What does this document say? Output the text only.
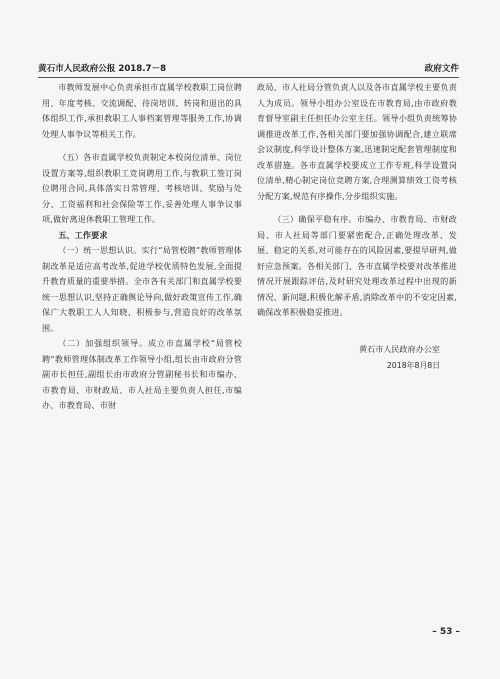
黄石市人民政府公报 2018.7－8	政府文件

市教师发展中心负责承担市直属学校教职工岗位聘用、年度考核、交流调配、待岗培训、转岗和退出的具体组织工作,承担教职工人事档案管理等服务工作,协调处理人事争议等相关工作。

（五）各市直属学校负责制定本校岗位清单、岗位设置方案等,组织教职工竞岗聘用工作,与教职工签订岗位聘用合同,具体落实日常管理、考核培训、奖励与处分、工资福利和社会保险等工作,妥善处理人事争议事项,做好离退休教职工管理工作。

五、工作要求

（一）统一思想认识。实行“局管校聘”教师管理体制改革是适应高考改革,促进学校优质特色发展,全面提升教育质量的重要举措。全市各有关部门和直属学校要统一思想认识,坚持正确舆论导向,做好政策宣传工作,确保广大教职工人人知晓、积极参与,营造良好的改革氛围。

（二）加强组织领导。成立市直属学校“局管校聘”教师管理体制改革工作领导小组,组长由市政府分管副市长担任,副组长由市政府分管副秘书长和市编办、市教育局、市财政局、市人社局主要负责人担任,市编办、市教育局、市财

政局、市人社局分管负责人以及各市直属学校主要负责人为成员。领导小组办公室设在市教育局,由市政府教育督导室副主任担任办公室主任。领导小组负责统筹协调推进改革工作,各相关部门要加强协调配合,建立联席会议制度,科学设计整体方案,迅速制定配套管理制度和改革措施。各市直属学校要成立工作专班,科学设置岗位清单,精心制定岗位竞聘方案,合理测算绩效工资考核分配方案,规范有序操作,分步组织实施。

（三）确保平稳有序。市编办、市教育局、市财政局、市人社局等部门要紧密配合,正确处理改革、发展、稳定的关系,对可能存在的风险因素,要提早研判,做好应急预案。各相关部门、各市直属学校要对改革推进情况开展跟踪评估,及时研究处理改革过程中出现的新情况、新问题,积极化解矛盾,消除改革中的不安定因素,确保改革积极稳妥推进。

黄石市人民政府办公室
2018年8月8日
– 53 –
